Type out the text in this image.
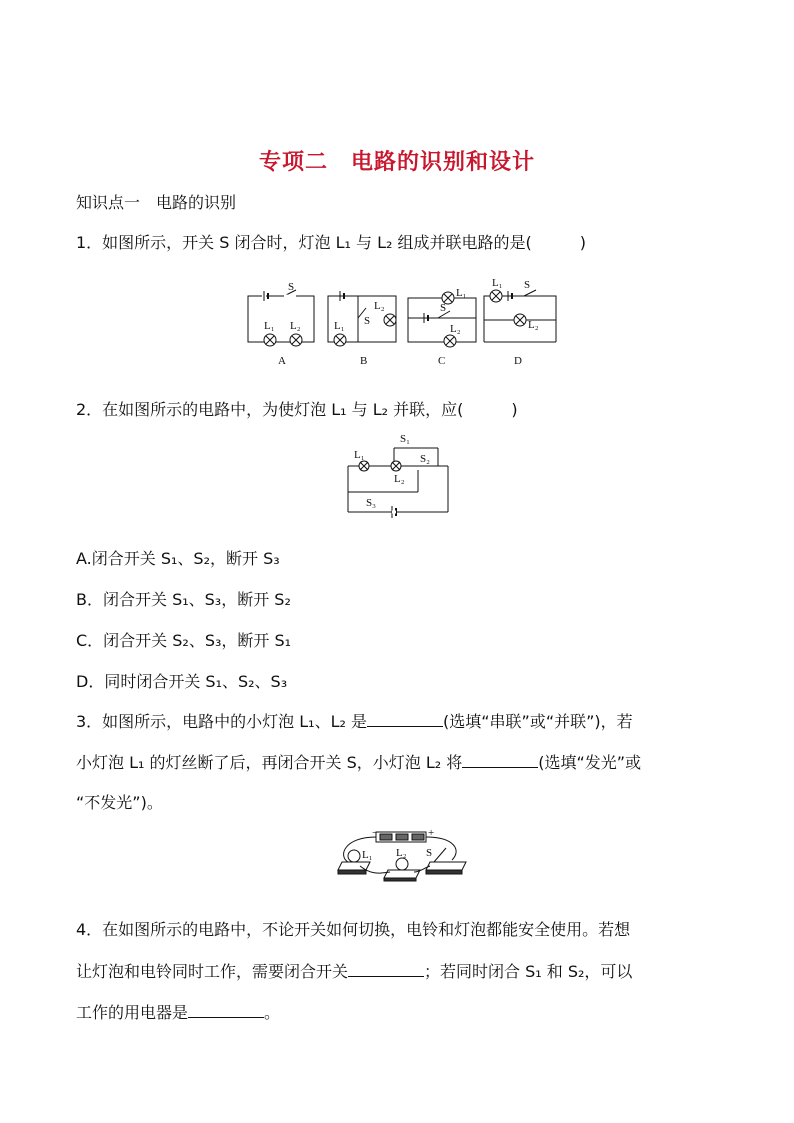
专项二　电路的识别和设计
知识点一　电路的识别
1．如图所示，开关 S 闭合时，灯泡 L₁ 与 L₂ 组成并联电路的是(　　　)
S
L₁ L₂
A
L₂
S
L₁
B
L₁
S
L₂
C
L₁ S
L₂
D
2．在如图所示的电路中，为使灯泡 L₁ 与 L₂ 并联，应(　　　)
S₁
L₁	S₂
L₂
S₃
A.闭合开关 S₁、S₂，断开 S₃
B．闭合开关 S₁、S₃，断开 S₂
C．闭合开关 S₂、S₃，断开 S₁
D．同时闭合开关 S₁、S₂、S₃
3．如图所示，电路中的小灯泡 L₁、L₂ 是	(选填“串联”或“并联”)，若
小灯泡 L₁ 的灯丝断了后，再闭合开关 S，小灯泡 L₂ 将	(选填“发光”或
“不发光”)。
−	+
L₁ L₂ S
4．在如图所示的电路中，不论开关如何切换，电铃和灯泡都能安全使用。若想
让灯泡和电铃同时工作，需要闭合开关	；若同时闭合 S₁ 和 S₂，可以
工作的用电器是	。
